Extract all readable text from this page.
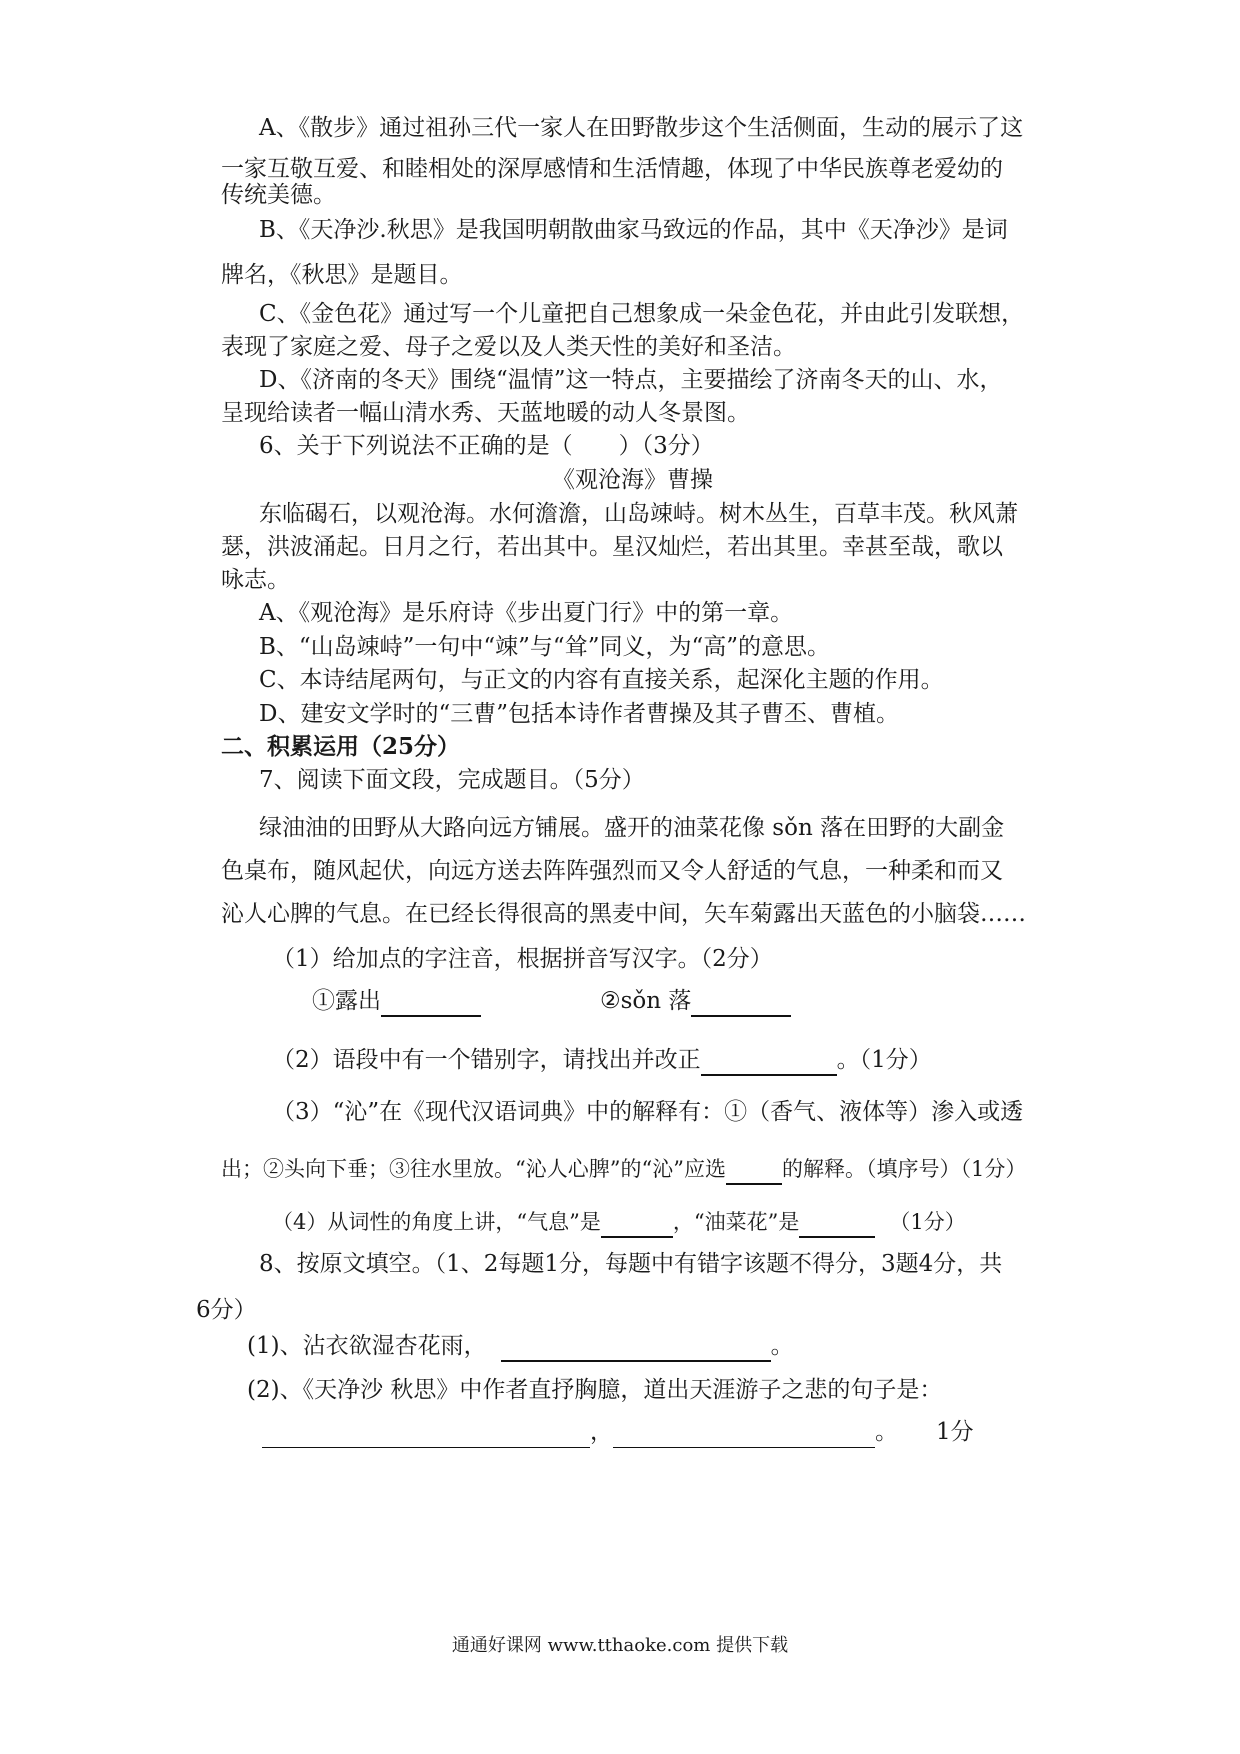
A、《散步》通过祖孙三代一家人在田野散步这个生活侧面，生动的展示了这
一家互敬互爱、和睦相处的深厚感情和生活情趣，体现了中华民族尊老爱幼的
传统美德。
B、《天净沙.秋思》是我国明朝散曲家马致远的作品，其中《天净沙》是词
牌名，《秋思》是题目。
C、《金色花》通过写一个儿童把自己想象成一朵金色花，并由此引发联想，
表现了家庭之爱、母子之爱以及人类天性的美好和圣洁。
D、《济南的冬天》围绕“温情”这一特点，主要描绘了济南冬天的山、水，
呈现给读者一幅山清水秀、天蓝地暖的动人冬景图。
6、关于下列说法不正确的是（　　）（3分）
《观沧海》曹操
东临碣石，以观沧海。水何澹澹，山岛竦峙。树木丛生，百草丰茂。秋风萧
瑟，洪波涌起。日月之行，若出其中。星汉灿烂，若出其里。幸甚至哉，歌以
咏志。
A、《观沧海》是乐府诗《步出夏门行》中的第一章。
B、“山岛竦峙”一句中“竦”与“耸”同义，为“高”的意思。
C、本诗结尾两句，与正文的内容有直接关系，起深化主题的作用。
D、建安文学时的“三曹”包括本诗作者曹操及其子曹丕、曹植。
二、积累运用（25分）
7、阅读下面文段，完成题目。（5分）
绿油油的田野从大路向远方铺展。盛开的油菜花像 sǒn 落在田野的大副金
色桌布，随风起伏，向远方送去阵阵强烈而又令人舒适的气息，一种柔和而又
沁人心脾的气息。在已经长得很高的黑麦中间，矢车菊露出天蓝色的小脑袋……
（1）给加点的字注音，根据拼音写汉字。（2分）
①露出	②sǒn 落
（2）语段中有一个错别字，请找出并改正	。（1分）
（3）“沁”在《现代汉语词典》中的解释有：①（香气、液体等）渗入或透
出；②头向下垂；③往水里放。“沁人心脾”的“沁”应选	的解释。（填序号）（1分）
（4）从词性的角度上讲，“气息”是	，“油菜花”是	（1分）
8、按原文填空。（1、2每题1分，每题中有错字该题不得分，3题4分，共
6分）
(1)、沾衣欲湿杏花雨，	。
(2)、《天净沙 秋思》中作者直抒胸臆，道出天涯游子之悲的句子是：
，	。 1分
通通好课网 www.tthaoke.com 提供下载
